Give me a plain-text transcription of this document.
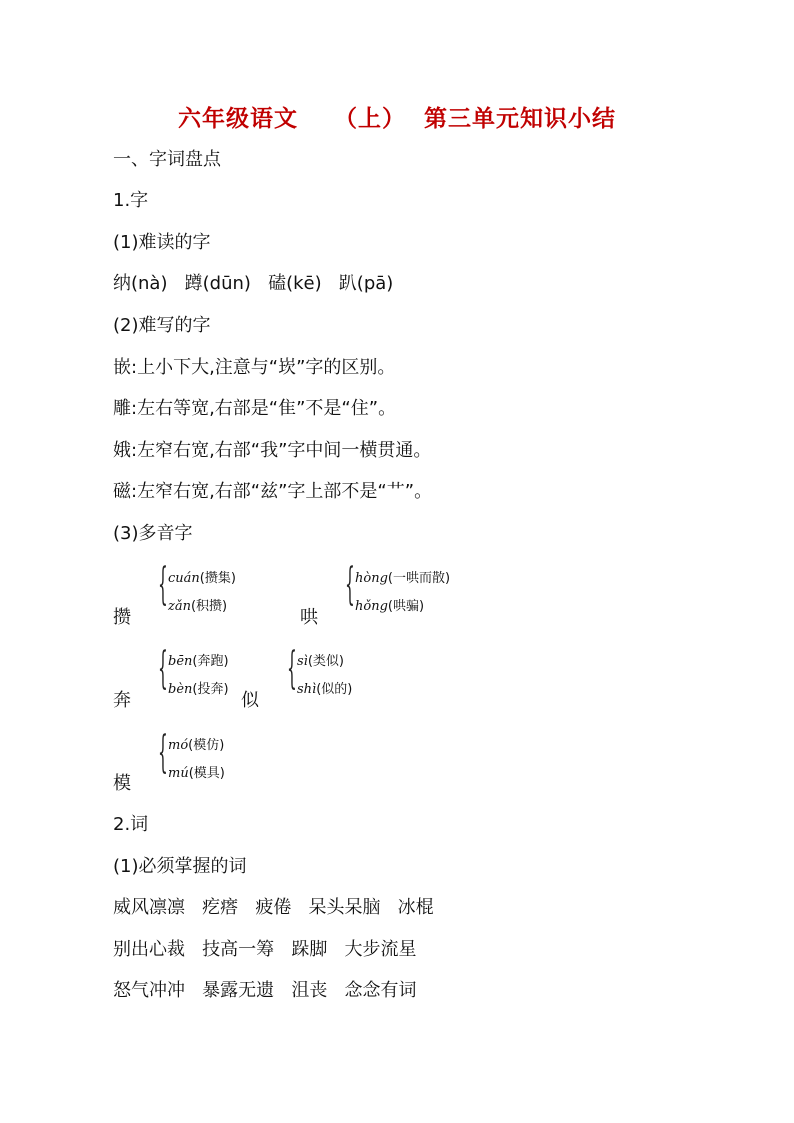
六年级语文    （上）  第三单元知识小结
一、字词盘点
1.字
(1)难读的字
纳(nà)   蹲(dūn)   磕(kē)   趴(pā)
(2)难写的字
嵌:上小下大,注意与“崁”字的区别。
雕:左右等宽,右部是“隹”不是“住”。
娥:左窄右宽,右部“我”字中间一横贯通。
磁:左窄右宽,右部“兹”字上部不是“艹”。
(3)多音字
攒
{ cuán(攒集)
zǎn(积攒)
哄
{ hòng(一哄而散)
hǒng(哄骗)
奔
{ bēn(奔跑)
bèn(投奔)
似
{ sì(类似)
shì(似的)
模
{ mó(模仿)
mú(模具)
2.词
(1)必须掌握的词
威风凛凛   疙瘩   疲倦   呆头呆脑   冰棍
别出心裁   技高一筹   跺脚   大步流星
怒气冲冲   暴露无遗   沮丧   念念有词
